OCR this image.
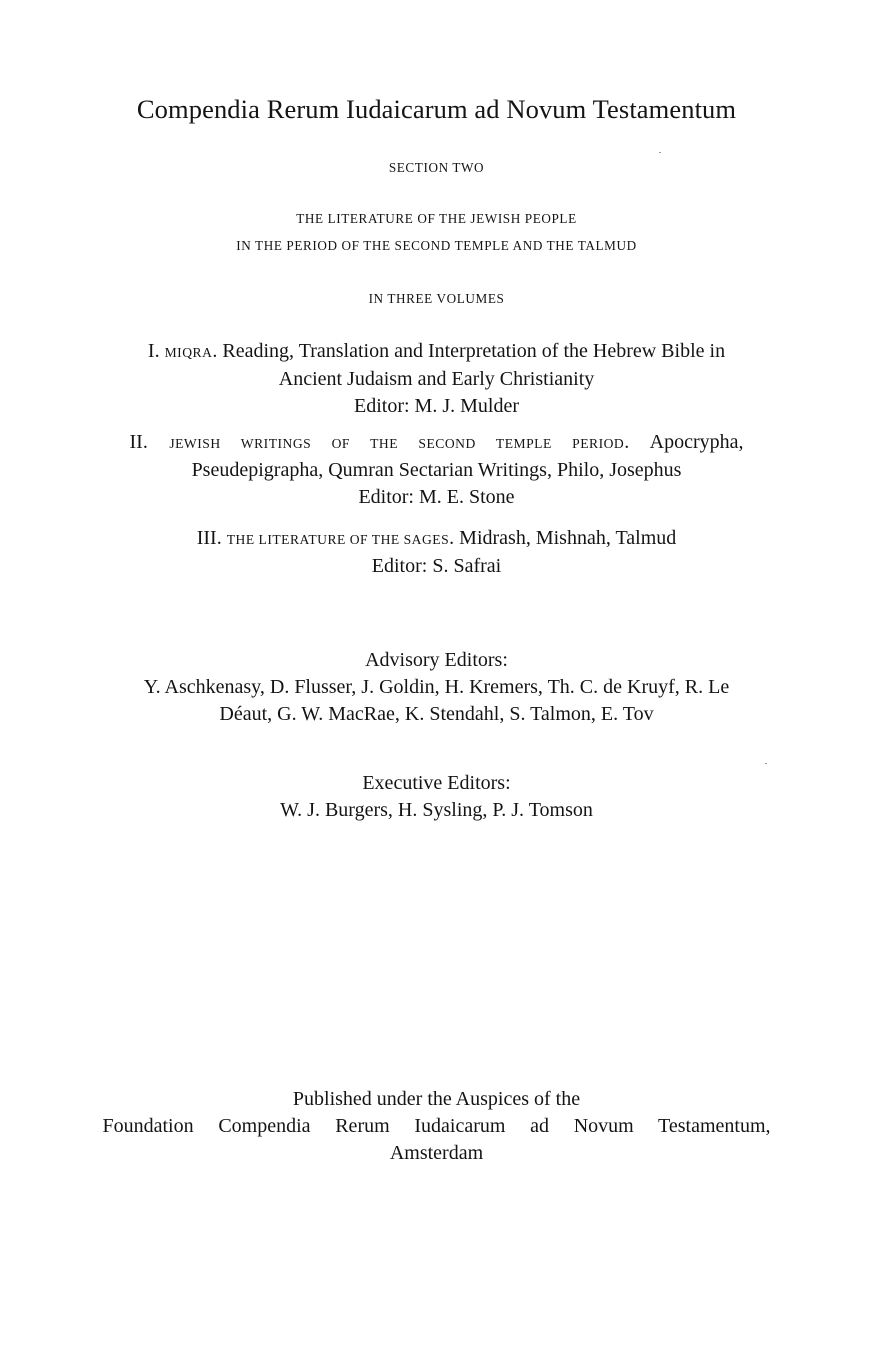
Compendia Rerum Iudaicarum ad Novum Testamentum
SECTION TWO
THE LITERATURE OF THE JEWISH PEOPLE
IN THE PERIOD OF THE SECOND TEMPLE AND THE TALMUD
IN THREE VOLUMES
I. MIQRA. Reading, Translation and Interpretation of the Hebrew Bible in
Ancient Judaism and Early Christianity
Editor: M. J. Mulder
II. JEWISH WRITINGS OF THE SECOND TEMPLE PERIOD. Apocrypha,
Pseudepigrapha, Qumran Sectarian Writings, Philo, Josephus
Editor: M. E. Stone
III. THE LITERATURE OF THE SAGES. Midrash, Mishnah, Talmud
Editor: S. Safrai
Advisory Editors:
Y. Aschkenasy, D. Flusser, J. Goldin, H. Kremers, Th. C. de Kruyf, R. Le
Déaut, G. W. MacRae, K. Stendahl, S. Talmon, E. Tov
Executive Editors:
W. J. Burgers, H. Sysling, P. J. Tomson
Published under the Auspices of the
Foundation Compendia Rerum Iudaicarum ad Novum Testamentum,
Amsterdam
